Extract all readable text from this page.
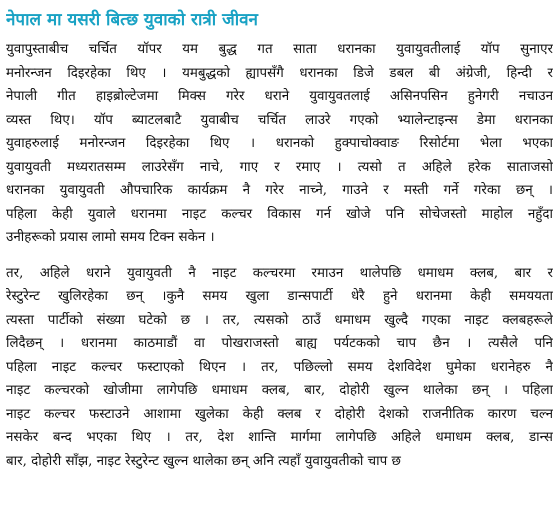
नेपाल मा यसरी बित्छ युवाको रात्री जीवन
युवापुस्ताबीच चर्चित यॉपर यम बुद्ध गत साता धरानका युवायुवतीलाई यॉप सुनाएर
मनोरन्जन दिइरहेका थिए । यमबुद्धको ह्यापसँगै धरानका डिजे डबल बी अंग्रेजी, हिन्दी र
नेपाली गीत हाइब्रोल्टेजमा मिक्स गरेर धराने युवायुवतलाई असिनपसिन हुनेगरी नचाउन
व्यस्त थिए। यॉप ब्याटलबाटै युवाबीच चर्चित लाउरे गएको भ्यालेन्टाइन्स डेमा धरानका
युवाहरुलाई मनोरन्जन दिइरहेका थिए । धरानको हुक्पाचोक्वाङ रिसोर्टमा भेला भएका
युवायुवती मध्यरातसम्म लाउरेसँग नाचे, गाए र रमाए । त्यसो त अहिले हरेक साताजसो
धरानका युवायुवती औपचारिक कार्यक्रम नै गरेर नाच्ने, गाउने र मस्ती गर्ने गरेका छन्‌ ।
पहिला केही युवाले धरानमा नाइट कल्चर विकास गर्न खोजे पनि सोचेजस्तो माहोल नहुँदा
उनीहरूको प्रयास लामो समय टिक्न सकेन ।
तर, अहिले धराने युवायुवती नै नाइट कल्चरमा रमाउन थालेपछि धमाधम क्लब, बार र
रेस्टुरेन्ट खुलिरहेका छन्‌ ।कुनै समय खुला डान्सपार्टी धेरै हुने धरानमा केही समययता
त्यस्ता पार्टीको संख्या घटेको छ । तर, त्यसको ठाउँ धमाधम खुल्दै गएका नाइट क्लबहरूले
लिदैछन्‌ । धरानमा काठमाडौं वा पोखराजस्तो बाह्य पर्यटकको चाप छैन । त्यसैले पनि
पहिला नाइट कल्चर फस्टाएको थिएन । तर, पछिल्लो समय देशविदेश घुमेका धरानेहरु नै
नाइट कल्चरको खोजीमा लागेपछि धमाधम क्लब, बार, दोहोरी खुल्न थालेका छन्‌ । पहिला
नाइट कल्चर फस्टाउने आशामा खुलेका केही क्लब र दोहोरी देशको राजनीतिक कारण चल्न
नसकेर बन्द भएका थिए । तर, देश शान्ति मार्गमा लागेपछि अहिले धमाधम क्लब, डान्स
बार, दोहोरी साँझ, नाइट रेस्टुरेन्ट खुल्न थालेका छन्‌ अनि त्यहाँ युवायुवतीको चाप छ
